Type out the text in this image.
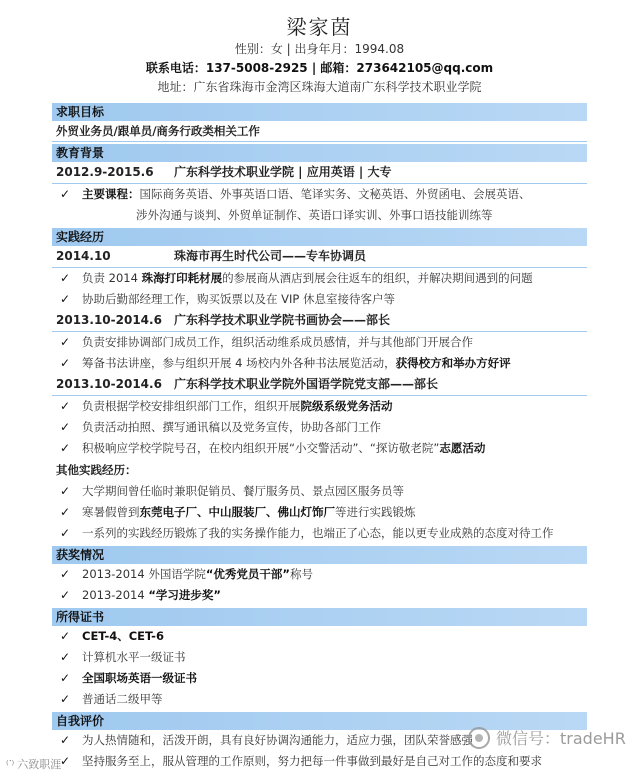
梁家茵
性别：女 | 出身年月：1994.08
联系电话：137-5008-2925 | 邮箱：273642105@qq.com
地址：广东省珠海市金湾区珠海大道南广东科学技术职业学院
求职目标
外贸业务员/跟单员/商务行政类相关工作
教育背景
2012.9-2015.6	广东科学技术职业学院 | 应用英语 | 大专
✓ 主要课程：国际商务英语、外事英语口语、笔译实务、文秘英语、外贸函电、会展英语、
涉外沟通与谈判、外贸单证制作、英语口译实训、外事口语技能训练等
实践经历
2014.10	珠海市再生时代公司——专车协调员
✓ 负责 2014 珠海打印耗材展的参展商从酒店到展会往返车的组织，并解决期间遇到的问题
✓ 协助后勤部经理工作，购买饭票以及在 VIP 休息室接待客户等
2013.10-2014.6	广东科学技术职业学院书画协会——部长
✓ 负责安排协调部门成员工作，组织活动维系成员感情，并与其他部门开展合作
✓ 筹备书法讲座，参与组织开展 4 场校内外各种书法展览活动，获得校方和举办方好评
2013.10-2014.6	广东科学技术职业学院外国语学院党支部——部长
✓ 负责根据学校安排组织部门工作，组织开展院级系级党务活动
✓ 负责活动拍照、撰写通讯稿以及党务宣传，协助各部门工作
✓ 积极响应学校学院号召，在校内组织开展“小交警活动”、“探访敬老院”志愿活动
其他实践经历：
✓ 大学期间曾任临时兼职促销员、餐厅服务员、景点园区服务员等
✓ 寒暑假曾到东莞电子厂、中山服装厂、佛山灯饰厂等进行实践锻炼
✓ 一系列的实践经历锻炼了我的实务操作能力，也端正了心态，能以更专业成熟的态度对待工作
获奖情况
✓ 2013-2014 外国语学院“优秀党员干部”称号
✓ 2013-2014 “学习进步奖”
所得证书
✓ CET-4、CET-6
✓ 计算机水平一级证书
✓ 全国职场英语一级证书
✓ 普通话二级甲等
自我评价
✓ 为人热情随和，活泼开朗，具有良好协调沟通能力，适应力强，团队荣誉感强
✓ 坚持服务至上，服从管理的工作原则，努力把每一件事做到最好是自己对工作的态度和要求
⁽ᐝ⁾ 六致职涯
微信号：tradeHR
